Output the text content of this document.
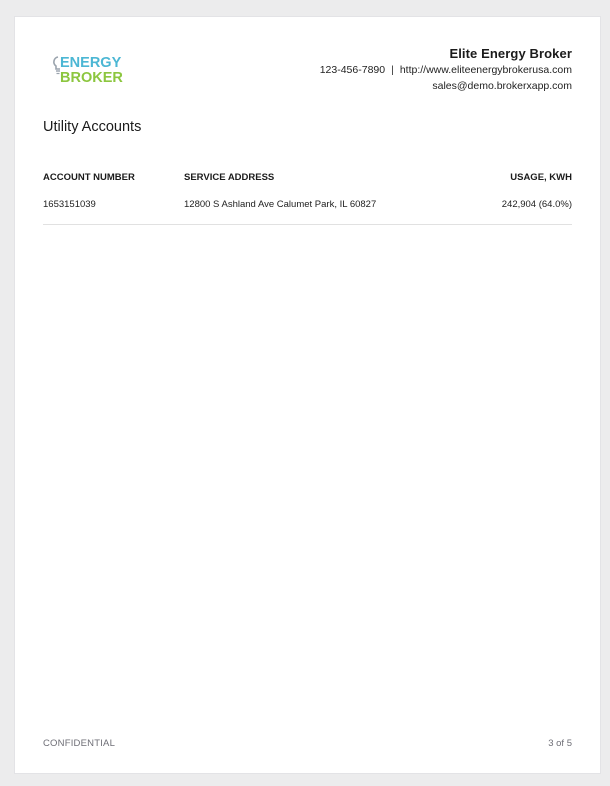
ENERGY
BROKER
Elite Energy Broker
123-456-7890 | http://www.eliteenergybrokerusa.com
sales@demo.brokerxapp.com
Utility Accounts
ACCOUNT NUMBER	SERVICE ADDRESS	USAGE, KWH
1653151039	12800 S Ashland Ave Calumet Park, IL 60827	242,904 (64.0%)
CONFIDENTIAL	3 of 5
